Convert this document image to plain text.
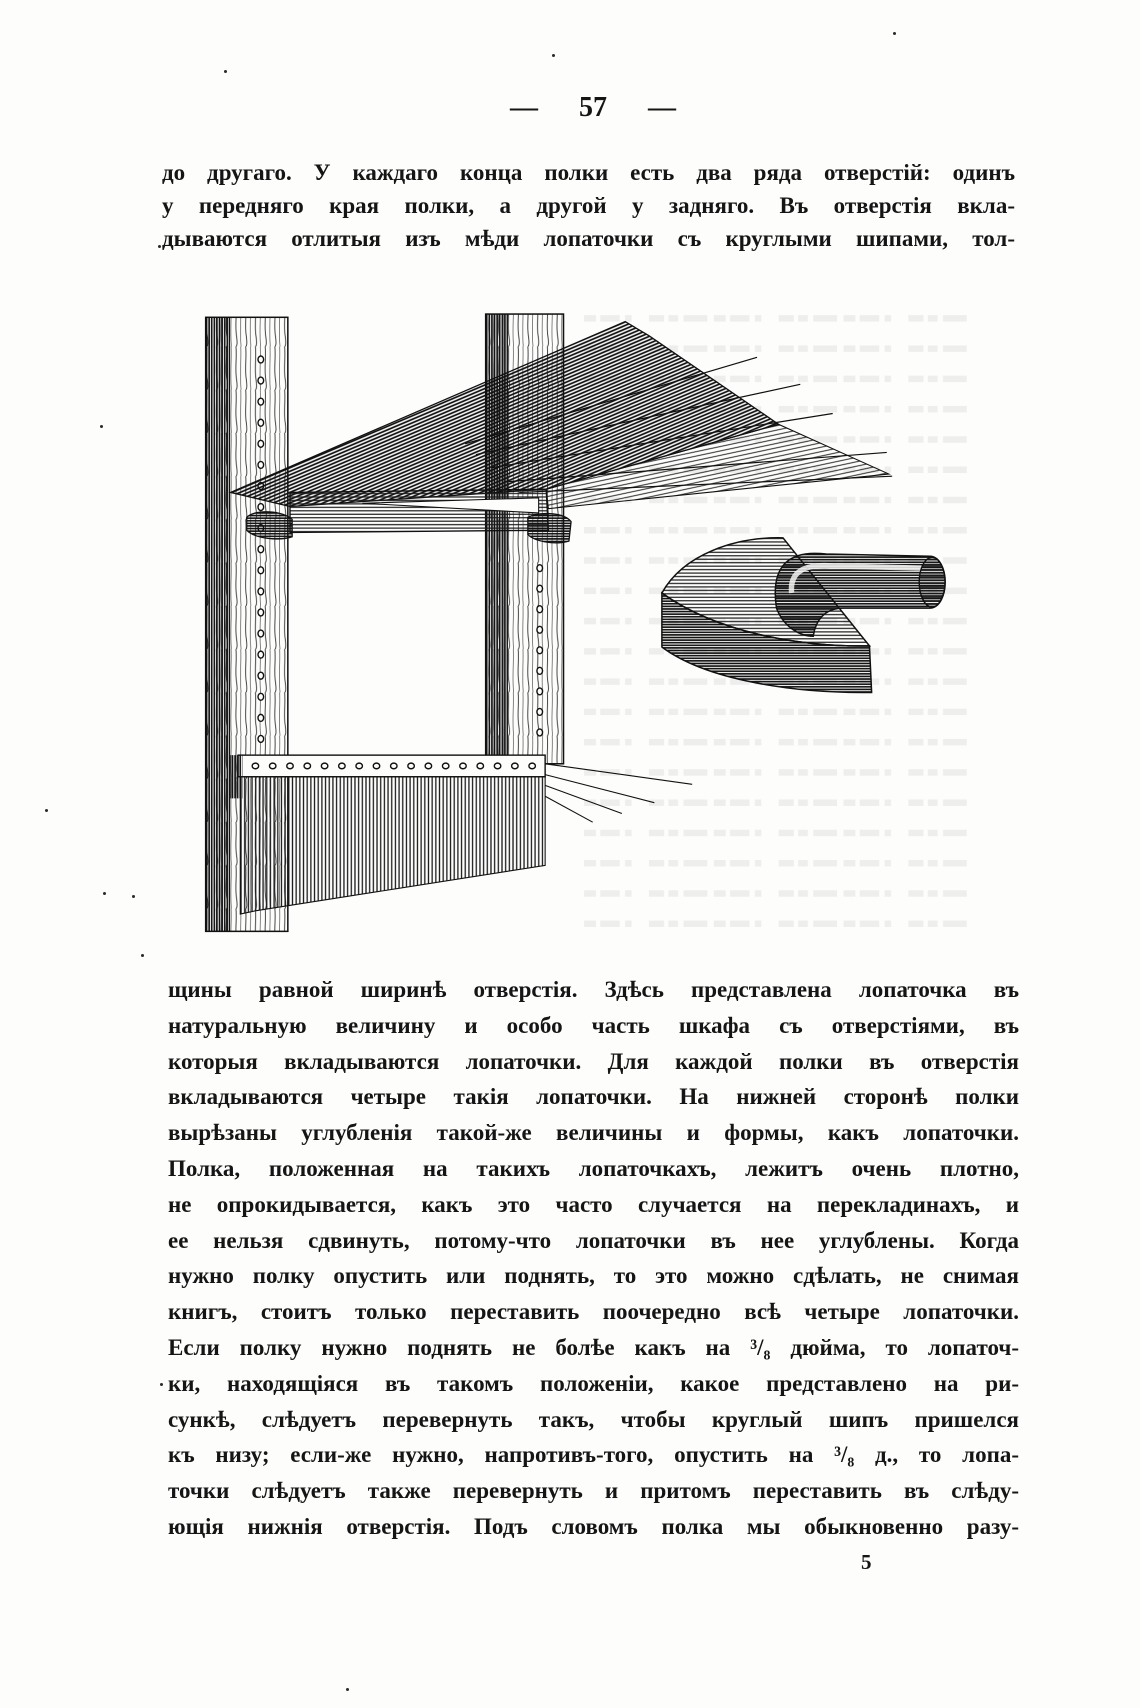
— 57 —
до другаго. У каждаго конца полки есть два ряда отверстій: одинъ
у передняго края полки, а другой у задняго. Въ отверстія вкла-
дываются отлитыя изъ мѣди лопаточки съ круглыми шипами, тол-
щины равной ширинѣ отверстія. Здѣсь представлена лопаточка въ
натуральную величину и особо часть шкафа съ отверстіями, въ
которыя вкладываются лопаточки. Для каждой полки въ отверстія
вкладываются четыре такія лопаточки. На нижней сторонѣ полки
вырѣзаны углубленія такой-же величины и формы, какъ лопаточки.
Полка, положенная на такихъ лопаточкахъ, лежитъ очень плотно,
не опрокидывается, какъ это часто случается на перекладинахъ, и
ее нельзя сдвинуть, потому-что лопаточки въ нее углублены. Когда
нужно полку опустить или поднять, то это можно сдѣлать, не снимая
книгъ, стоитъ только переставить поочередно всѣ четыре лопаточки.
Если полку нужно поднять не болѣе какъ на ³/₈ дюйма, то лопаточ-
ки, находящіяся въ такомъ положеніи, какое представлено на ри-
сункѣ, слѣдуетъ перевернуть такъ, чтобы круглый шипъ пришелся
къ низу; если-же нужно, напротивъ-того, опустить на ³/₈ д., то лопа-
точки слѣдуетъ также перевернуть и притомъ переставить въ слѣду-
ющія нижнія отверстія. Подъ словомъ полка мы обыкновенно разу-
5
